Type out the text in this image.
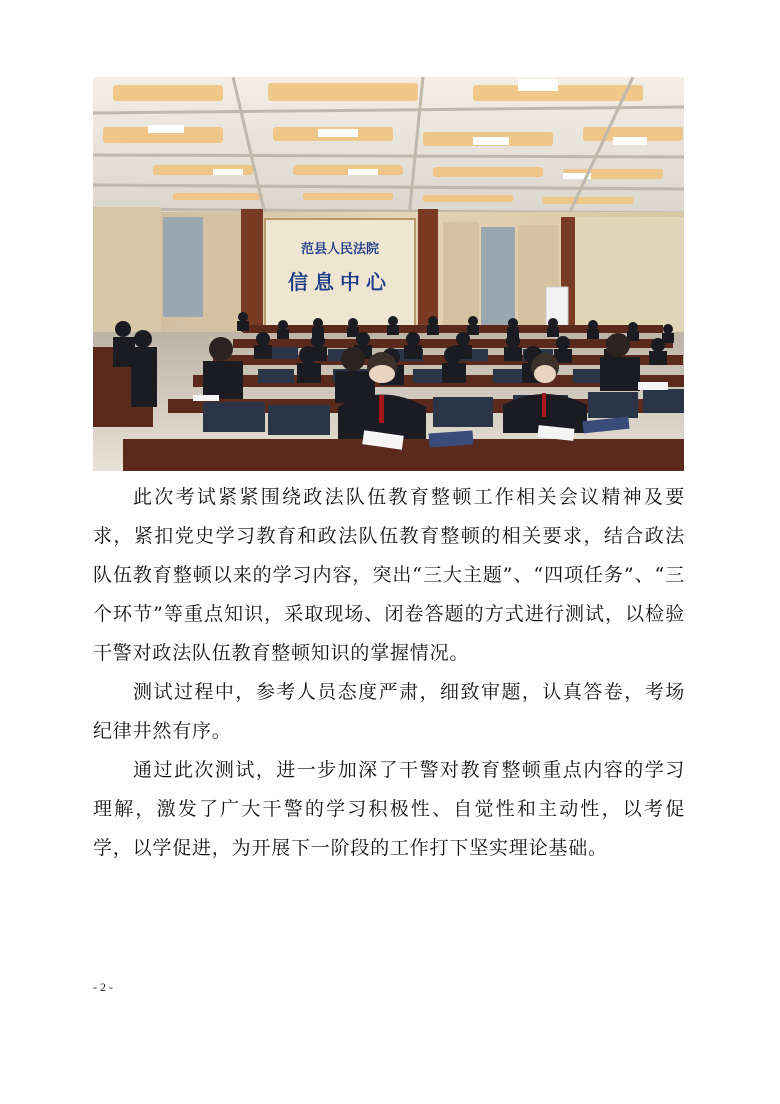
范县人民法院
信息中心

此次考试紧紧围绕政法队伍教育整顿工作相关会议精神及要求，紧扣党史学习教育和政法队伍教育整顿的相关要求，结合政法队伍教育整顿以来的学习内容，突出“三大主题”、“四项任务”、“三个环节”等重点知识，采取现场、闭卷答题的方式进行测试，以检验干警对政法队伍教育整顿知识的掌握情况。

测试过程中，参考人员态度严肃，细致审题，认真答卷，考场纪律井然有序。

通过此次测试，进一步加深了干警对教育整顿重点内容的学习理解，激发了广大干警的学习积极性、自觉性和主动性，以考促学，以学促进，为开展下一阶段的工作打下坚实理论基础。

- 2 -
